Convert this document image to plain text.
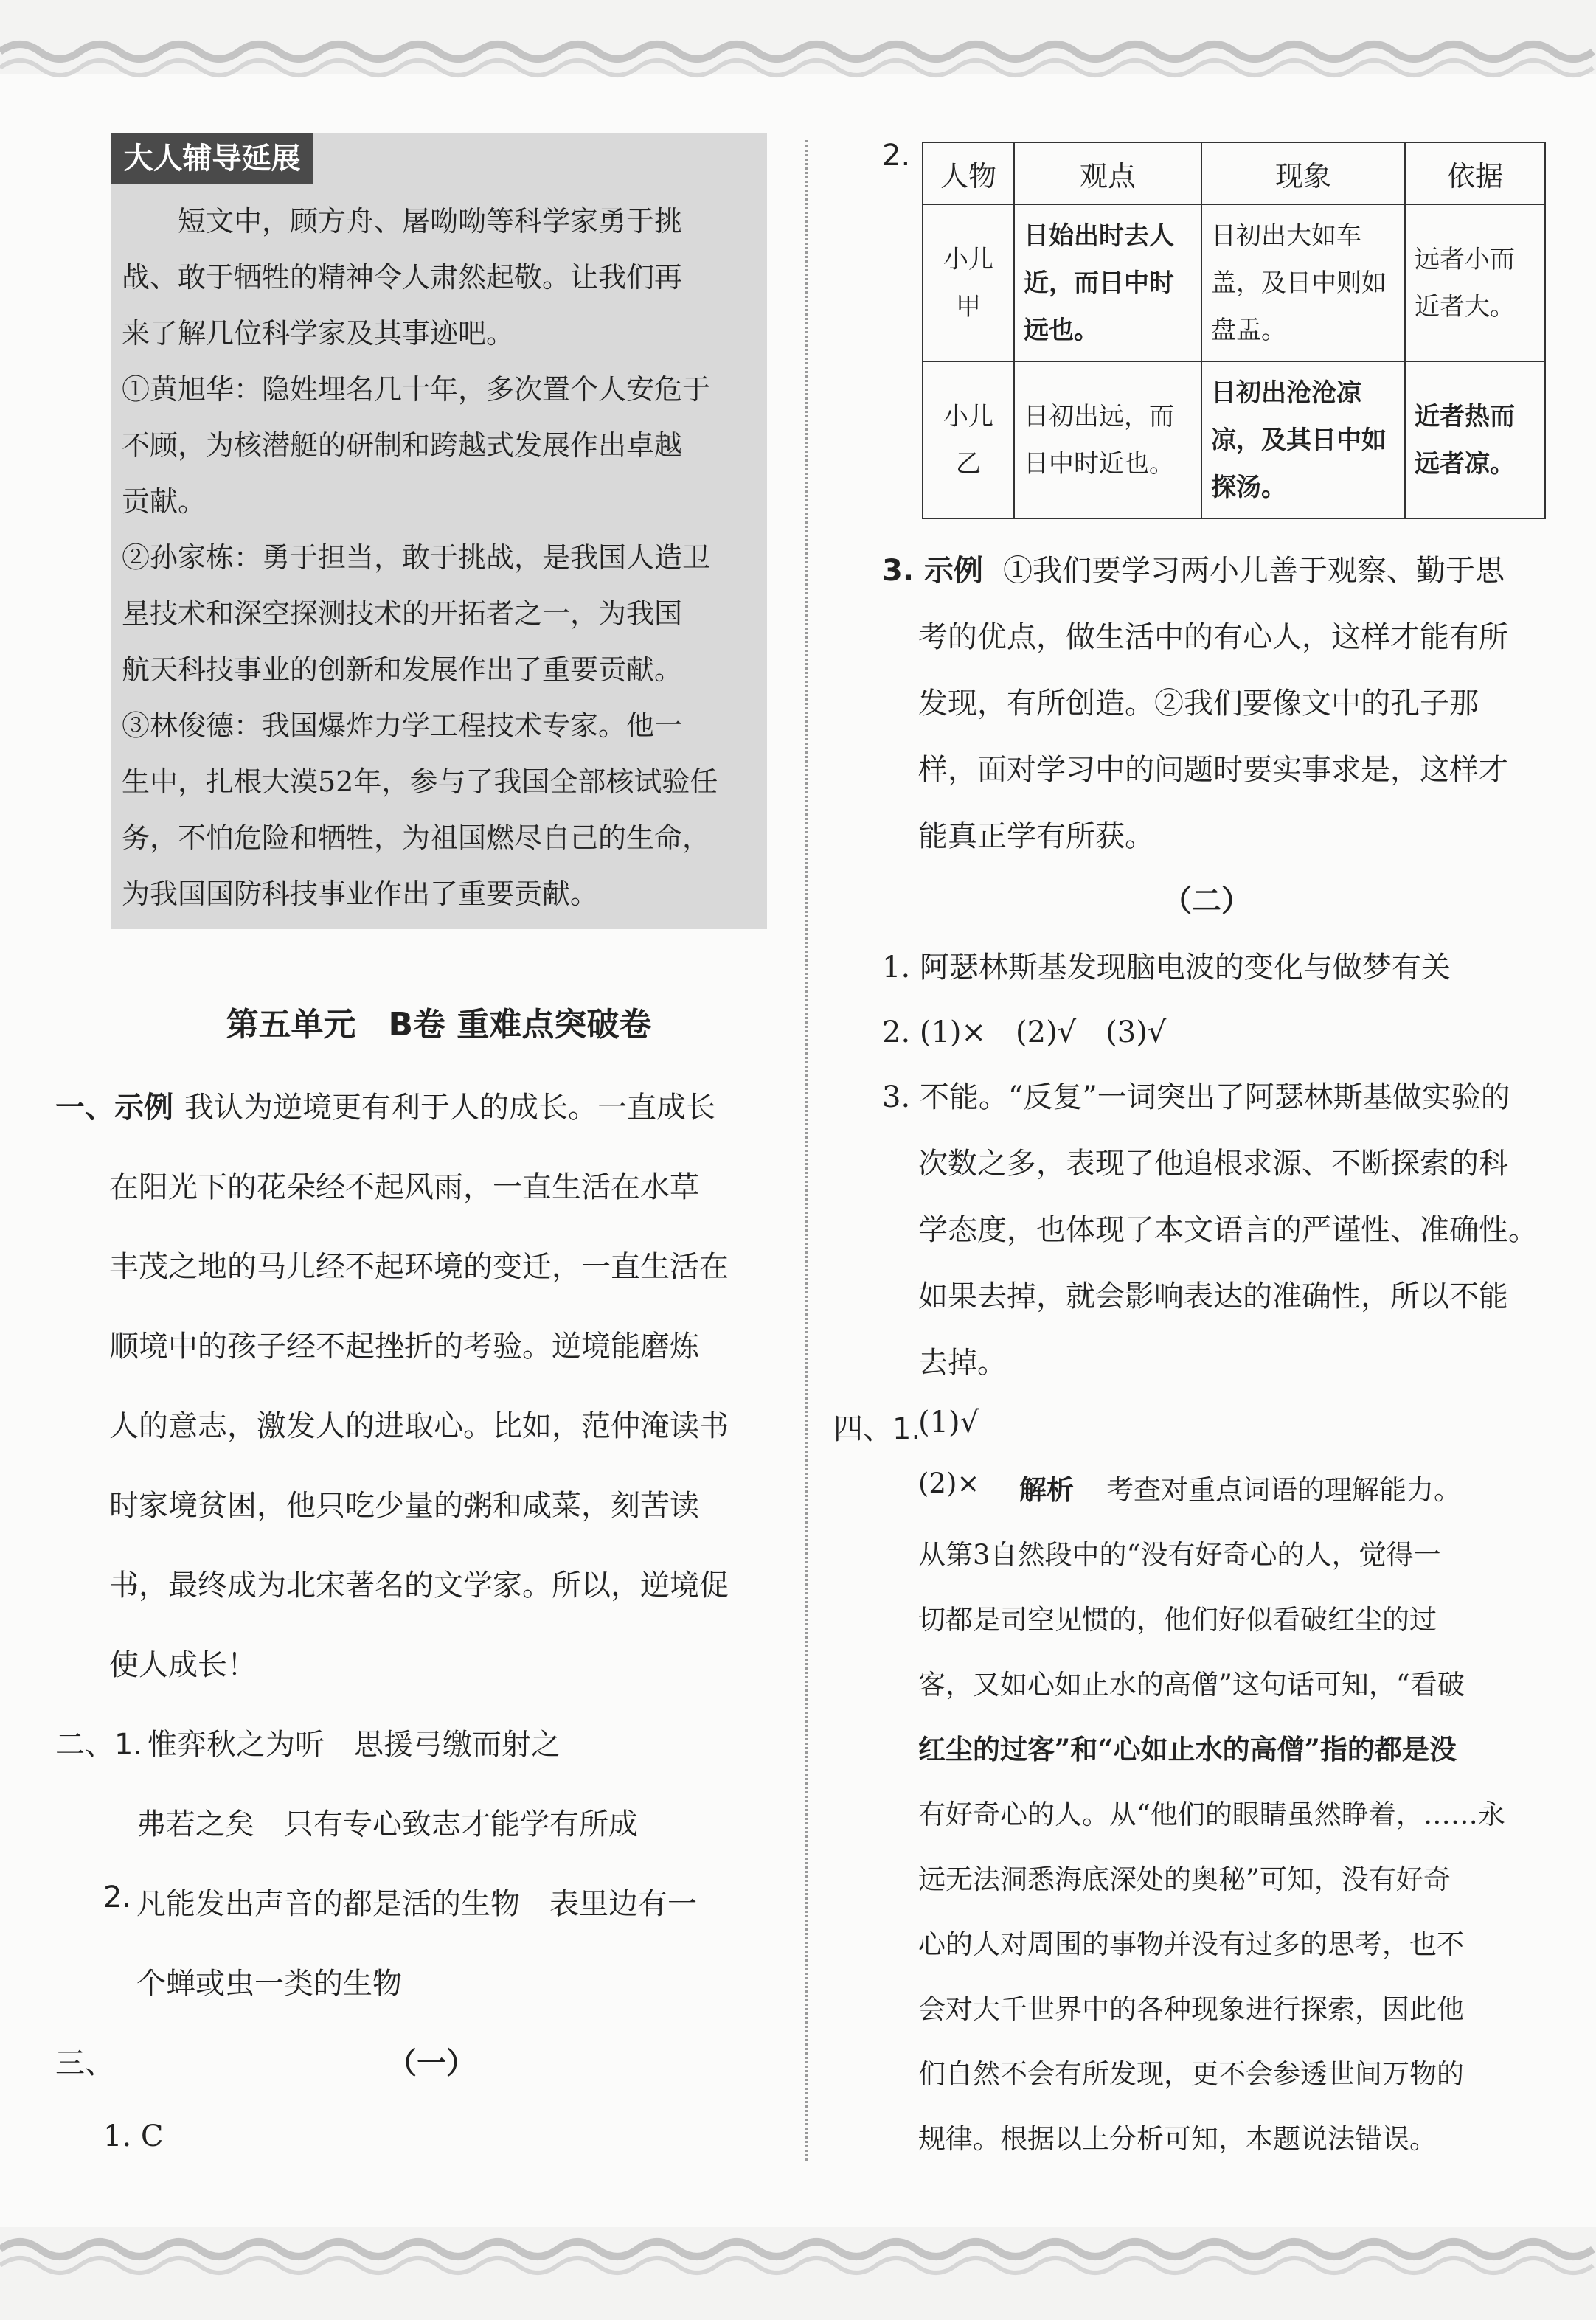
大人辅导延展

短文中，顾方舟、屠呦呦等科学家勇于挑

战、敢于牺牲的精神令人肃然起敬。让我们再

来了解几位科学家及其事迹吧。

①黄旭华：隐姓埋名几十年，多次置个人安危于

不顾，为核潜艇的研制和跨越式发展作出卓越

贡献。

②孙家栋：勇于担当，敢于挑战，是我国人造卫

星技术和深空探测技术的开拓者之一，为我国

航天科技事业的创新和发展作出了重要贡献。

③林俊德：我国爆炸力学工程技术专家。他一

生中，扎根大漠52年，参与了我国全部核试验任

务，不怕危险和牺牲，为祖国燃尽自己的生命，

为我国国防科技事业作出了重要贡献。

第五单元　B卷 重难点突破卷
一、示例 我认为逆境更有利于人的成长。一直成长
在阳光下的花朵经不起风雨，一直生活在水草
丰茂之地的马儿经不起环境的变迁，一直生活在
顺境中的孩子经不起挫折的考验。逆境能磨炼
人的意志，激发人的进取心。比如，范仲淹读书
时家境贫困，他只吃少量的粥和咸菜，刻苦读
书，最终成为北宋著名的文学家。所以，逆境促
使人成长！
二、1. 惟弈秋之为听　思援弓缴而射之
弗若之矣　只有专心致志才能学有所成
2. 凡能发出声音的都是活的生物　表里边有一
个蝉或虫一类的生物
三、	（一）
1. C
2.
人物	观点	现象	依据
小儿甲	日始出时去人近，而日中时远也。	日初出大如车盖，及日中则如盘盂。	远者小而近者大。
小儿乙	日初出远，而日中时近也。	日初出沧沧凉凉，及其日中如探汤。	近者热而远者凉。
3. 示例 ①我们要学习两小儿善于观察、勤于思
考的优点，做生活中的有心人，这样才能有所
发现，有所创造。②我们要像文中的孔子那
样，面对学习中的问题时要实事求是，这样才
能真正学有所获。
（二）
1. 阿瑟林斯基发现脑电波的变化与做梦有关
2. (1)×　(2)√　(3)√
3. 不能。“反复”一词突出了阿瑟林斯基做实验的
次数之多，表现了他追根求源、不断探索的科
学态度，也体现了本文语言的严谨性、准确性。
如果去掉，就会影响表达的准确性，所以不能
去掉。
四、1.
(1)√
(2)× 解析 考查对重点词语的理解能力。
从第3自然段中的“没有好奇心的人，觉得一
切都是司空见惯的，他们好似看破红尘的过
客，又如心如止水的高僧”这句话可知，“看破
红尘的过客”和“心如止水的高僧”指的都是没
有好奇心的人。从“他们的眼睛虽然睁着，……永
远无法洞悉海底深处的奥秘”可知，没有好奇
心的人对周围的事物并没有过多的思考，也不
会对大千世界中的各种现象进行探索，因此他
们自然不会有所发现，更不会参透世间万物的
规律。根据以上分析可知，本题说法错误。
